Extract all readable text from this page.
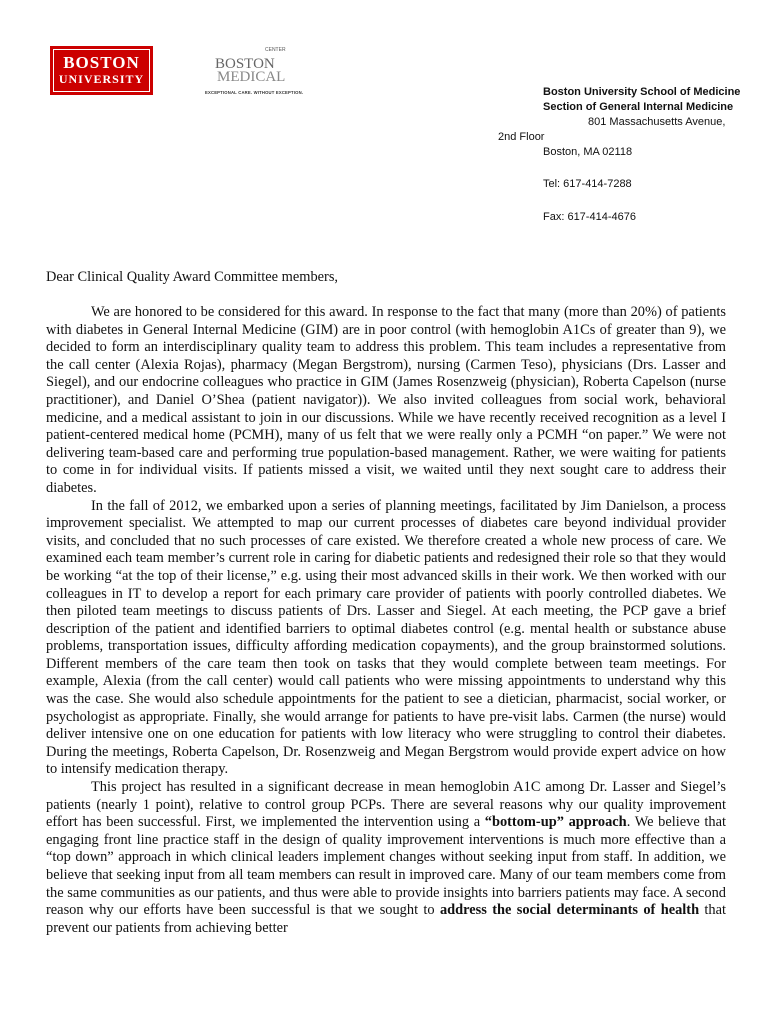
BOSTON
UNIVERSITY
CENTER
BOSTON
MEDICAL
EXCEPTIONAL CARE. WITHOUT EXCEPTION.	Boston University School of Medicine
Section of General Internal Medicine
801 Massachusetts Avenue,
2nd Floor
Boston, MA 02118
Tel: 617-414-7288
Fax: 617-414-4676
Dear Clinical Quality Award Committee members,

We are honored to be considered for this award. In response to the fact that many (more than 20%) of patients with diabetes in General Internal Medicine (GIM) are in poor control (with hemoglobin A1Cs of greater than 9), we decided to form an interdisciplinary quality team to address this problem. This team includes a representative from the call center (Alexia Rojas), pharmacy (Megan Bergstrom), nursing (Carmen Teso), physicians (Drs. Lasser and Siegel), and our endocrine colleagues who practice in GIM (James Rosenzweig (physician), Roberta Capelson (nurse practitioner), and Daniel O’Shea (patient navigator)). We also invited colleagues from social work, behavioral medicine, and a medical assistant to join in our discussions. While we have recently received recognition as a level I patient-centered medical home (PCMH), many of us felt that we were really only a PCMH “on paper.” We were not delivering team-based care and performing true population-based management. Rather, we were waiting for patients to come in for individual visits. If patients missed a visit, we waited until they next sought care to address their diabetes.

In the fall of 2012, we embarked upon a series of planning meetings, facilitated by Jim Danielson, a process improvement specialist. We attempted to map our current processes of diabetes care beyond individual provider visits, and concluded that no such processes of care existed. We therefore created a whole new process of care. We examined each team member’s current role in caring for diabetic patients and redesigned their role so that they would be working “at the top of their license,” e.g. using their most advanced skills in their work. We then worked with our colleagues in IT to develop a report for each primary care provider of patients with poorly controlled diabetes. We then piloted team meetings to discuss patients of Drs. Lasser and Siegel. At each meeting, the PCP gave a brief description of the patient and identified barriers to optimal diabetes control (e.g. mental health or substance abuse problems, transportation issues, difficulty affording medication copayments), and the group brainstormed solutions. Different members of the care team then took on tasks that they would complete between team meetings. For example, Alexia (from the call center) would call patients who were missing appointments to understand why this was the case. She would also schedule appointments for the patient to see a dietician, pharmacist, social worker, or psychologist as appropriate. Finally, she would arrange for patients to have pre-visit labs. Carmen (the nurse) would deliver intensive one on one education for patients with low literacy who were struggling to control their diabetes. During the meetings, Roberta Capelson, Dr. Rosenzweig and Megan Bergstrom would provide expert advice on how to intensify medication therapy.

This project has resulted in a significant decrease in mean hemoglobin A1C among Dr. Lasser and Siegel’s patients (nearly 1 point), relative to control group PCPs. There are several reasons why our quality improvement effort has been successful. First, we implemented the intervention using a “bottom-up” approach. We believe that engaging front line practice staff in the design of quality improvement interventions is much more effective than a “top down” approach in which clinical leaders implement changes without seeking input from staff. In addition, we believe that seeking input from all team members can result in improved care. Many of our team members come from the same communities as our patients, and thus were able to provide insights into barriers patients may face. A second reason why our efforts have been successful is that we sought to address the social determinants of health that prevent our patients from achieving better
